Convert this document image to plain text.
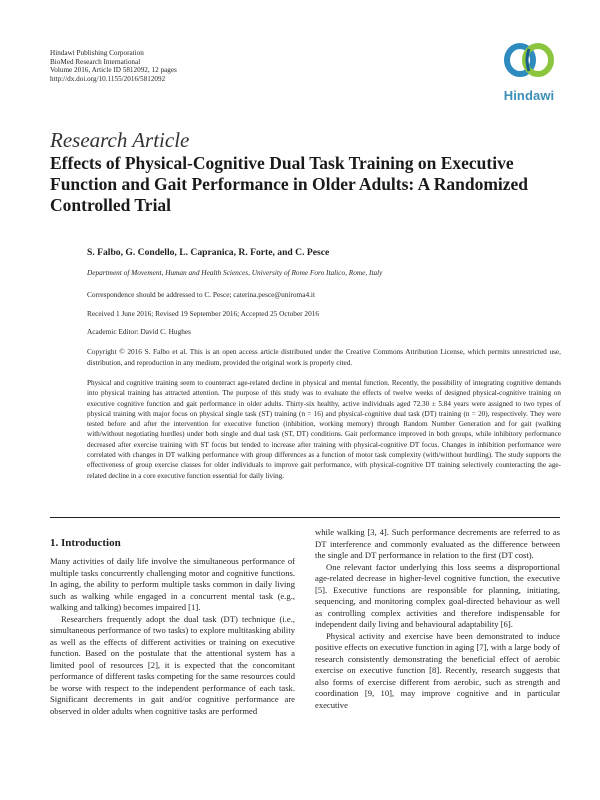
Hindawi Publishing Corporation
BioMed Research International
Volume 2016, Article ID 5812092, 12 pages
http://dx.doi.org/10.1155/2016/5812092
Hindawi
Research Article
Effects of Physical-Cognitive Dual Task Training on Executive Function and Gait Performance in Older Adults: A Randomized Controlled Trial
S. Falbo, G. Condello, L. Capranica, R. Forte, and C. Pesce
Department of Movement, Human and Health Sciences, University of Rome Foro Italico, Rome, Italy
Correspondence should be addressed to C. Pesce; caterina.pesce@uniroma4.it
Received 1 June 2016; Revised 19 September 2016; Accepted 25 October 2016
Academic Editor: David C. Hughes
Copyright © 2016 S. Falbo et al. This is an open access article distributed under the Creative Commons Attribution License, which permits unrestricted use, distribution, and reproduction in any medium, provided the original work is properly cited.
Physical and cognitive training seem to counteract age-related decline in physical and mental function. Recently, the possibility of integrating cognitive demands into physical training has attracted attention. The purpose of this study was to evaluate the effects of twelve weeks of designed physical-cognitive training on executive cognitive function and gait performance in older adults. Thirty-six healthy, active individuals aged 72.30 ± 5.84 years were assigned to two types of physical training with major focus on physical single task (ST) training (n = 16) and physical-cognitive dual task (DT) training (n = 20), respectively. They were tested before and after the intervention for executive function (inhibition, working memory) through Random Number Generation and for gait (walking with/without negotiating hurdles) under both single and dual task (ST, DT) conditions. Gait performance improved in both groups, while inhibitory performance decreased after exercise training with ST focus but tended to increase after training with physical-cognitive DT focus. Changes in inhibition performance were correlated with changes in DT walking performance with group differences as a function of motor task complexity (with/without hurdling). The study supports the effectiveness of group exercise classes for older individuals to improve gait performance, with physical-cognitive DT training selectively counteracting the age-related decline in a core executive function essential for daily living.
1. Introduction

Many activities of daily life involve the simultaneous performance of multiple tasks concurrently challenging motor and cognitive functions. In aging, the ability to perform multiple tasks common in daily living such as walking while engaged in a concurrent mental task (e.g., walking and talking) becomes impaired [1].

Researchers frequently adopt the dual task (DT) technique (i.e., simultaneous performance of two tasks) to explore multitasking ability as well as the effects of different activities or training on executive function. Based on the postulate that the attentional system has a limited pool of resources [2], it is expected that the concomitant performance of different tasks competing for the same resources could be worse with respect to the independent performance of each task. Significant decrements in gait and/or cognitive performance are observed in older adults when cognitive tasks are performed

while walking [3, 4]. Such performance decrements are referred to as DT interference and commonly evaluated as the difference between the single and DT performance in relation to the first (DT cost).

One relevant factor underlying this loss seems a disproportional age-related decrease in higher-level cognitive function, the executive [5]. Executive functions are responsible for planning, initiating, sequencing, and monitoring complex goal-directed behaviour as well as controlling complex activities and therefore indispensable for independent daily living and behavioural adaptability [6].

Physical activity and exercise have been demonstrated to induce positive effects on executive function in aging [7], with a large body of research consistently demonstrating the beneficial effect of aerobic exercise on executive function [8]. Recently, research suggests that also forms of exercise different from aerobic, such as strength and coordination [9, 10], may improve cognitive and in particular executive
